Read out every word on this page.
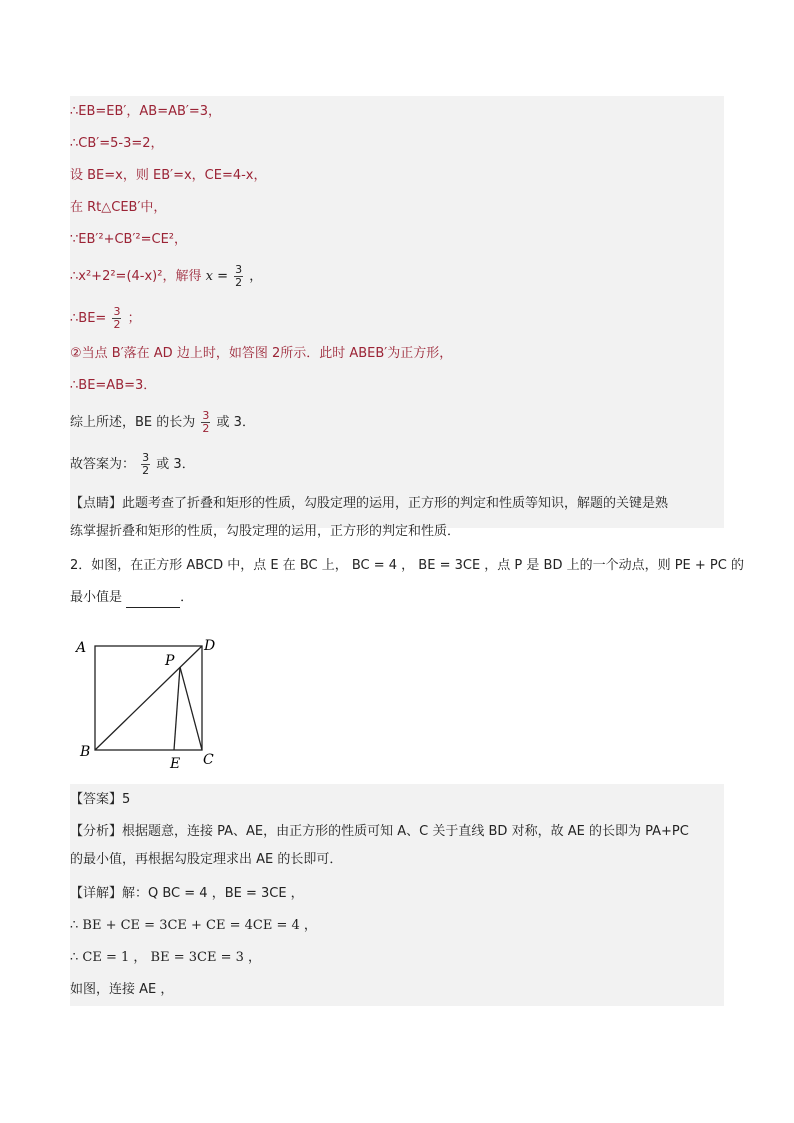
∴EB=EB′，AB=AB′=3，
∴CB′=5-3=2，
设 BE=x，则 EB′=x，CE=4-x，
在 Rt△CEB′中，
∵EB′²+CB′²=CE²，
∴x²+2²=(4-x)²，解得 $x = \frac{3}{2}$ ，
∴BE= $\frac{3}{2}$ ；
②当点 B′落在 AD 边上时，如答图 2所示．此时 ABEB′为正方形，
∴BE=AB=3．
综上所述，BE 的长为 $\frac{3}{2}$ 或 3．
故答案为： $\frac{3}{2}$ 或 3．
【点睛】此题考查了折叠和矩形的性质，勾股定理的运用，正方形的判定和性质等知识，解题的关键是熟
练掌握折叠和矩形的性质，勾股定理的运用，正方形的判定和性质．
2．如图，在正方形 ABCD 中，点 E 在 BC 上， BC = 4 ， BE = 3CE ，点 P 是 BD 上的一个动点，则 PE + PC 的
最小值是	．
A	D
P
B
E C
【答案】5
【分析】根据题意，连接 PA、AE，由正方形的性质可知 A、C 关于直线 BD 对称，故 AE 的长即为 PA+PC
的最小值，再根据勾股定理求出 AE 的长即可．
【详解】解：Q BC = 4 ，BE = 3CE ，
∴ BE + CE = 3CE + CE = 4CE = 4 ，
∴ CE = 1 ， BE = 3CE = 3 ，
如图，连接 AE ，
